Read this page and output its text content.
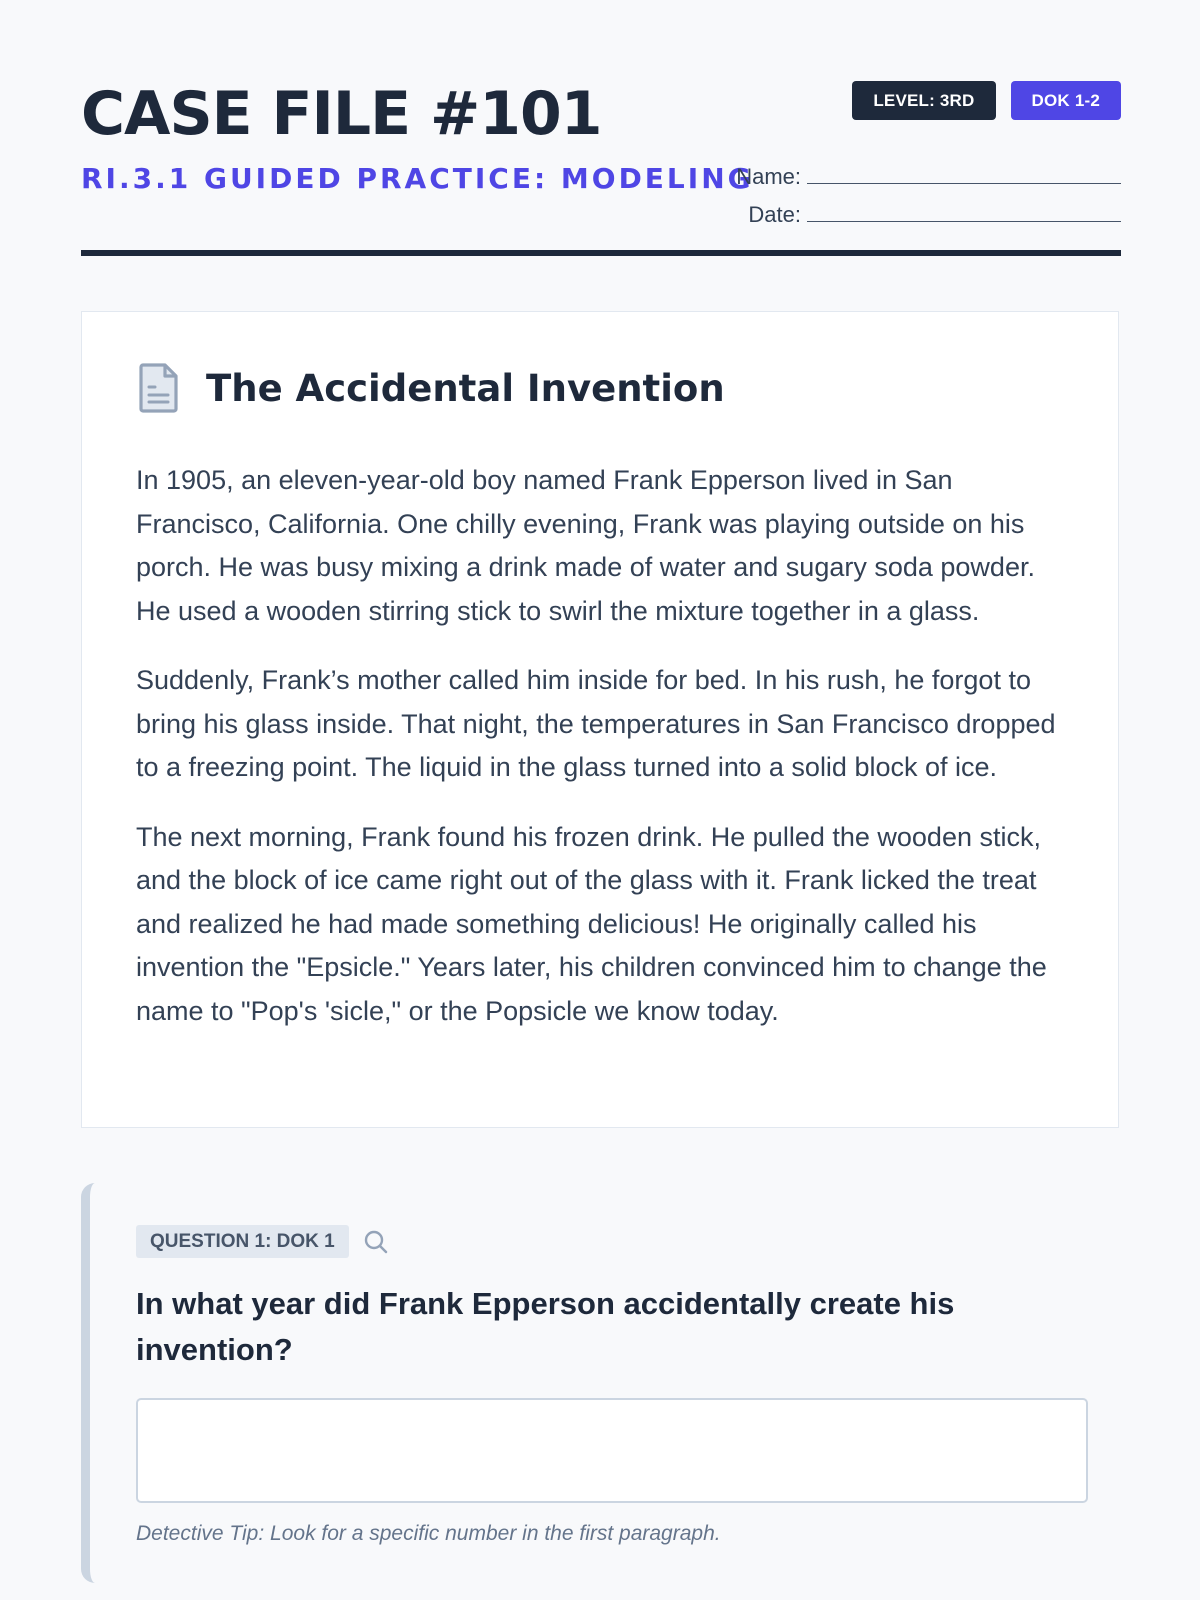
CASE FILE #101
RI.3.1 GUIDED PRACTICE: MODELING
LEVEL: 3RD	DOK 1-2
Name:
Date:
The Accidental Invention

In 1905, an eleven-year-old boy named Frank Epperson lived in San Francisco, California. One chilly evening, Frank was playing outside on his porch. He was busy mixing a drink made of water and sugary soda powder. He used a wooden stirring stick to swirl the mixture together in a glass.

Suddenly, Frank’s mother called him inside for bed. In his rush, he forgot to bring his glass inside. That night, the temperatures in San Francisco dropped to a freezing point. The liquid in the glass turned into a solid block of ice.

The next morning, Frank found his frozen drink. He pulled the wooden stick, and the block of ice came right out of the glass with it. Frank licked the treat and realized he had made something delicious! He originally called his invention the "Epsicle." Years later, his children convinced him to change the name to "Pop's 'sicle," or the Popsicle we know today.

QUESTION 1: DOK 1

In what year did Frank Epperson accidentally create his invention?

Detective Tip: Look for a specific number in the first paragraph.
